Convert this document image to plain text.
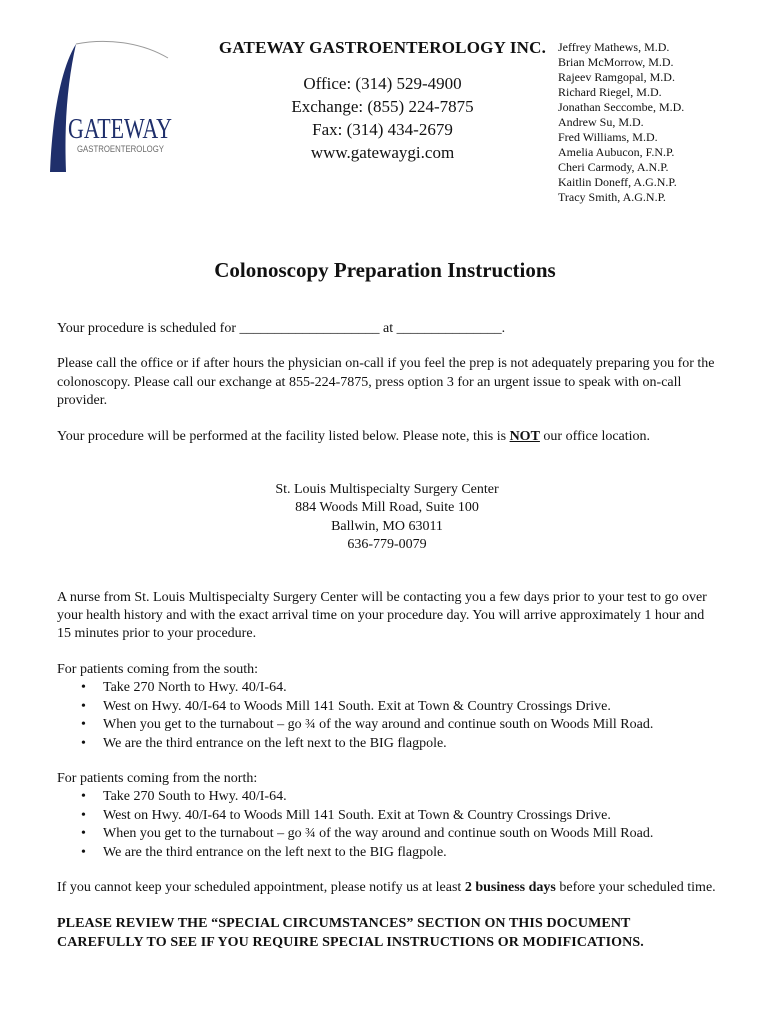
GATEWAY
GASTROENTEROLOGY
GATEWAY GASTROENTEROLOGY INC.
Office: (314) 529-4900
Exchange: (855) 224-7875
Fax: (314) 434-2679
www.gatewaygi.com
Jeffrey Mathews, M.D.
Brian McMorrow, M.D.
Rajeev Ramgopal, M.D.
Richard Riegel, M.D.
Jonathan Seccombe, M.D.
Andrew Su, M.D.
Fred Williams, M.D.
Amelia Aubucon, F.N.P.
Cheri Carmody, A.N.P.
Kaitlin Doneff, A.G.N.P.
Tracy Smith, A.G.N.P.
Colonoscopy Preparation Instructions

Your procedure is scheduled for ____________________ at _______________.

Please call the office or if after hours the physician on-call if you feel the prep is not adequately preparing you for the colonoscopy. Please call our exchange at 855-224-7875, press option 3 for an urgent issue to speak with on-call provider.

Your procedure will be performed at the facility listed below. Please note, this is NOT our office location.

St. Louis Multispecialty Surgery Center
884 Woods Mill Road, Suite 100
Ballwin, MO 63011
636-779-0079

A nurse from St. Louis Multispecialty Surgery Center will be contacting you a few days prior to your test to go over your health history and with the exact arrival time on your procedure day. You will arrive approximately 1 hour and 15 minutes prior to your procedure.

For patients coming from the south:

• Take 270 North to Hwy. 40/I-64.
• West on Hwy. 40/I-64 to Woods Mill 141 South. Exit at Town & Country Crossings Drive.
• When you get to the turnabout – go ¾ of the way around and continue south on Woods Mill Road.
• We are the third entrance on the left next to the BIG flagpole.

For patients coming from the north:

• Take 270 South to Hwy. 40/I-64.
• West on Hwy. 40/I-64 to Woods Mill 141 South. Exit at Town & Country Crossings Drive.
• When you get to the turnabout – go ¾ of the way around and continue south on Woods Mill Road.
• We are the third entrance on the left next to the BIG flagpole.

If you cannot keep your scheduled appointment, please notify us at least 2 business days before your scheduled time.

PLEASE REVIEW THE “SPECIAL CIRCUMSTANCES” SECTION ON THIS DOCUMENT CAREFULLY TO SEE IF YOU REQUIRE SPECIAL INSTRUCTIONS OR MODIFICATIONS.
